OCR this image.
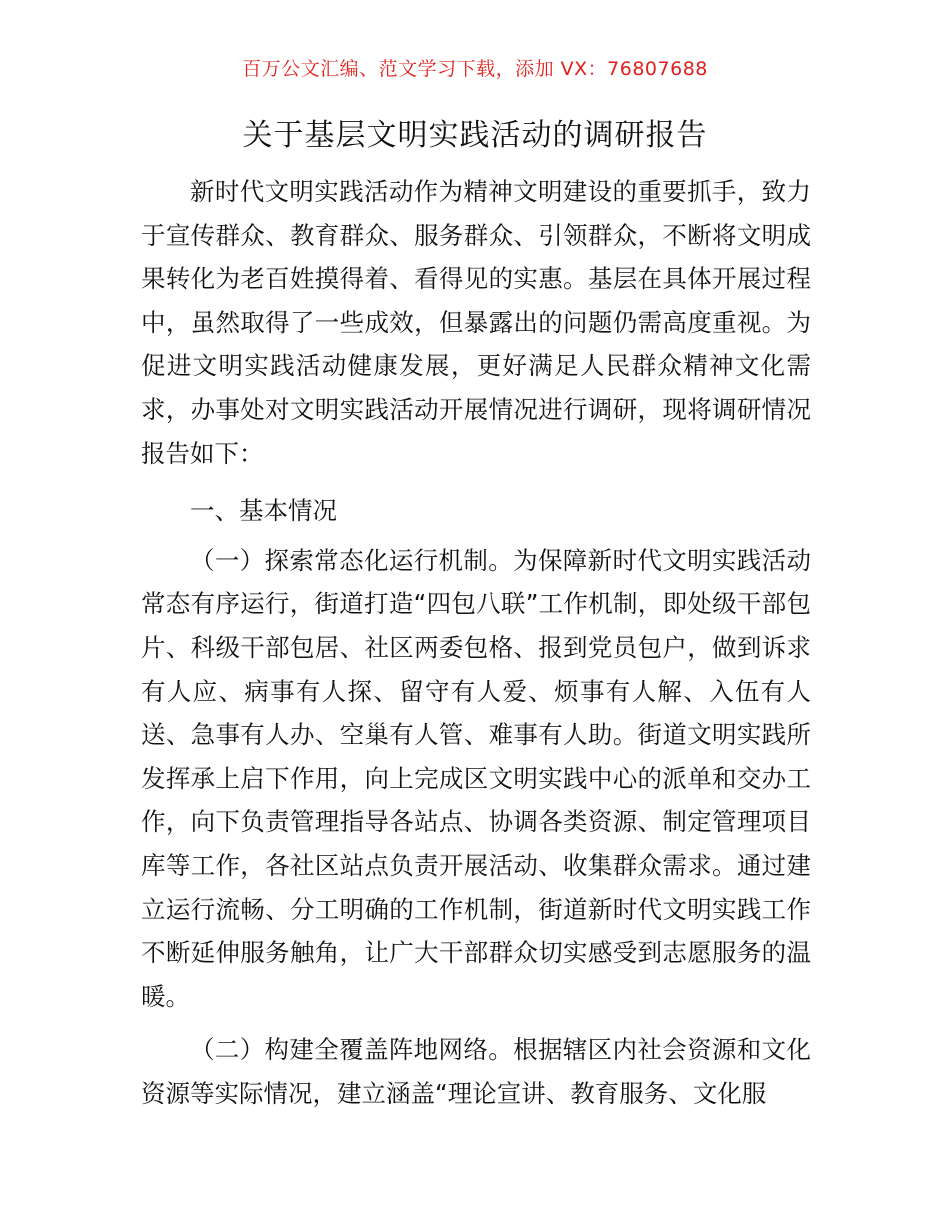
百万公文汇编、范文学习下载，添加 VX：76807688
关于基层文明实践活动的调研报告

新时代文明实践活动作为精神文明建设的重要抓手，致力于宣传群众、教育群众、服务群众、引领群众，不断将文明成果转化为老百姓摸得着、看得见的实惠。基层在具体开展过程中，虽然取得了一些成效，但暴露出的问题仍需高度重视。为促进文明实践活动健康发展，更好满足人民群众精神文化需求，办事处对文明实践活动开展情况进行调研，现将调研情况报告如下：

一、基本情况

（一）探索常态化运行机制。为保障新时代文明实践活动常态有序运行，街道打造“四包八联”工作机制，即处级干部包片、科级干部包居、社区两委包格、报到党员包户，做到诉求有人应、病事有人探、留守有人爱、烦事有人解、入伍有人送、急事有人办、空巢有人管、难事有人助。街道文明实践所发挥承上启下作用，向上完成区文明实践中心的派单和交办工作，向下负责管理指导各站点、协调各类资源、制定管理项目库等工作，各社区站点负责开展活动、收集群众需求。通过建立运行流畅、分工明确的工作机制，街道新时代文明实践工作不断延伸服务触角，让广大干部群众切实感受到志愿服务的温暖。

（二）构建全覆盖阵地网络。根据辖区内社会资源和文化资源等实际情况，建立涵盖“理论宣讲、教育服务、文化服
